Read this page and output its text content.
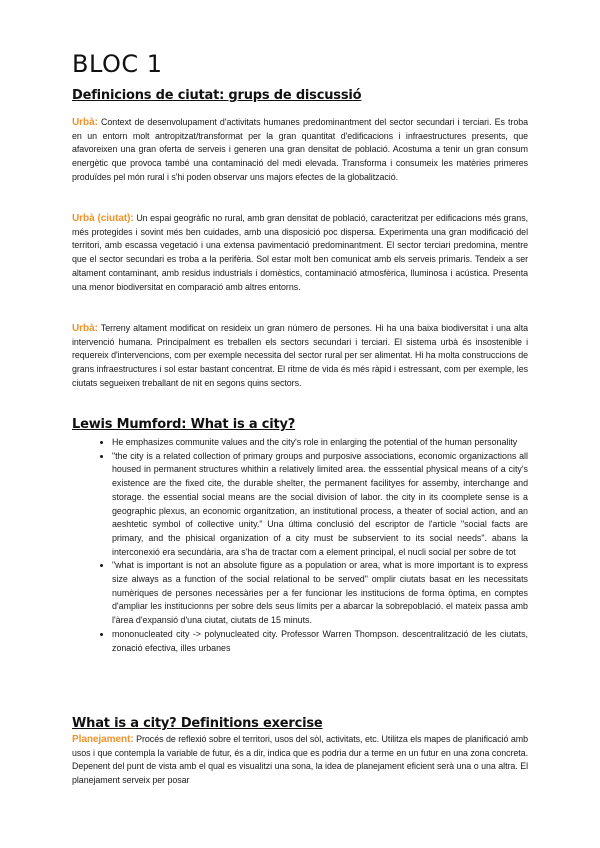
BLOC 1
Definicions de ciutat: grups de discussió

Urbà: Context de desenvolupament d'activitats humanes predominantment del sector secundari i terciari. Es troba en un entorn molt antropitzat/transformat per la gran quantitat d'edificacions i infraestructures presents, que afavoreixen una gran oferta de serveis i generen una gran densitat de població. Acostuma a tenir un gran consum energètic que provoca també una contaminació del medi elevada. Transforma i consumeix les matèries primeres produïdes pel món rural i s'hi poden observar uns majors efectes de la globalització.

Urbà (ciutat): Un espai geogràfic no rural, amb gran densitat de població, caracteritzat per edificacions més grans, més protegides i sovint més ben cuidades, amb una disposició poc dispersa. Experimenta una gran modificació del territori, amb escassa vegetació i una extensa pavimentació predominantment. El sector terciari predomina, mentre que el sector secundari es troba a la perifèria. Sol estar molt ben comunicat amb els serveis primaris. Tendeix a ser altament contaminant, amb residus industrials i domèstics, contaminació atmosfèrica, lluminosa i acústica. Presenta una menor biodiversitat en comparació amb altres entorns.

Urbà: Terreny altament modificat on resideix un gran número de persones. Hi ha una baixa biodiversitat i una alta intervenció humana. Principalment es treballen els sectors secundari i terciari. El sistema urbà és insostenible i requereix d'intervencions, com per exemple necessita del sector rural per ser alimentat. Hi ha molta construccions de grans infraestructures i sol estar bastant concentrat. El ritme de vida és més ràpid i estressant, com per exemple, les ciutats segueixen treballant de nit en segons quins sectors.

Lewis Mumford: What is a city?
• He emphasizes communite values and the city's role in enlarging the potential of the human personality
• "the city is a related collection of primary groups and purposive associations, economic organizactions all housed in permanent structures whithin a relatively limited area. the esssential physical means of a city's existence are the fixed cite, the durable shelter, the permanent facilityes for assemby, interchange and storage. the essential social means are the social division of labor. the city in its coomplete sense is a geographic plexus, an economic organitzation, an institutional process, a theater of social action, and an aeshtetic symbol of collective unity." Una última conclusió del escriptor de l'article "social facts are primary, and the phisical organization of a city must be subservient to its social needs". abans la interconexió era secundària, ara s'ha de tractar com a element principal, el nucli social per sobre de tot
• "what is important is not an absolute figure as a population or area, what is more important is to express size always as a function of the social relational to be served" omplir ciutats basat en les necessitats numèriques de persones necessàries per a fer funcionar les institucions de forma òptima, en comptes d'ampliar les institucionns per sobre dels seus límits per a abarcar la sobrepoblació. el mateix passa amb l'àrea d'expansió d'una ciutat, ciutats de 15 minuts.
• mononucleated city -> polynucleated city. Professor Warren Thompson. descentralització de les ciutats, zonació efectiva, illes urbanes
What is a city? Definitions exercise

Planejament: Procés de reflexió sobre el territori, usos del sòl, activitats, etc. Utilitza els mapes de planificació amb usos i que contempla la variable de futur, és a dir, indica que es podria dur a terme en un futur en una zona concreta. Depenent del punt de vista amb el qual es visualitzi una sona, la idea de planejament eficient serà una o una altra. El planejament serveix per posar
